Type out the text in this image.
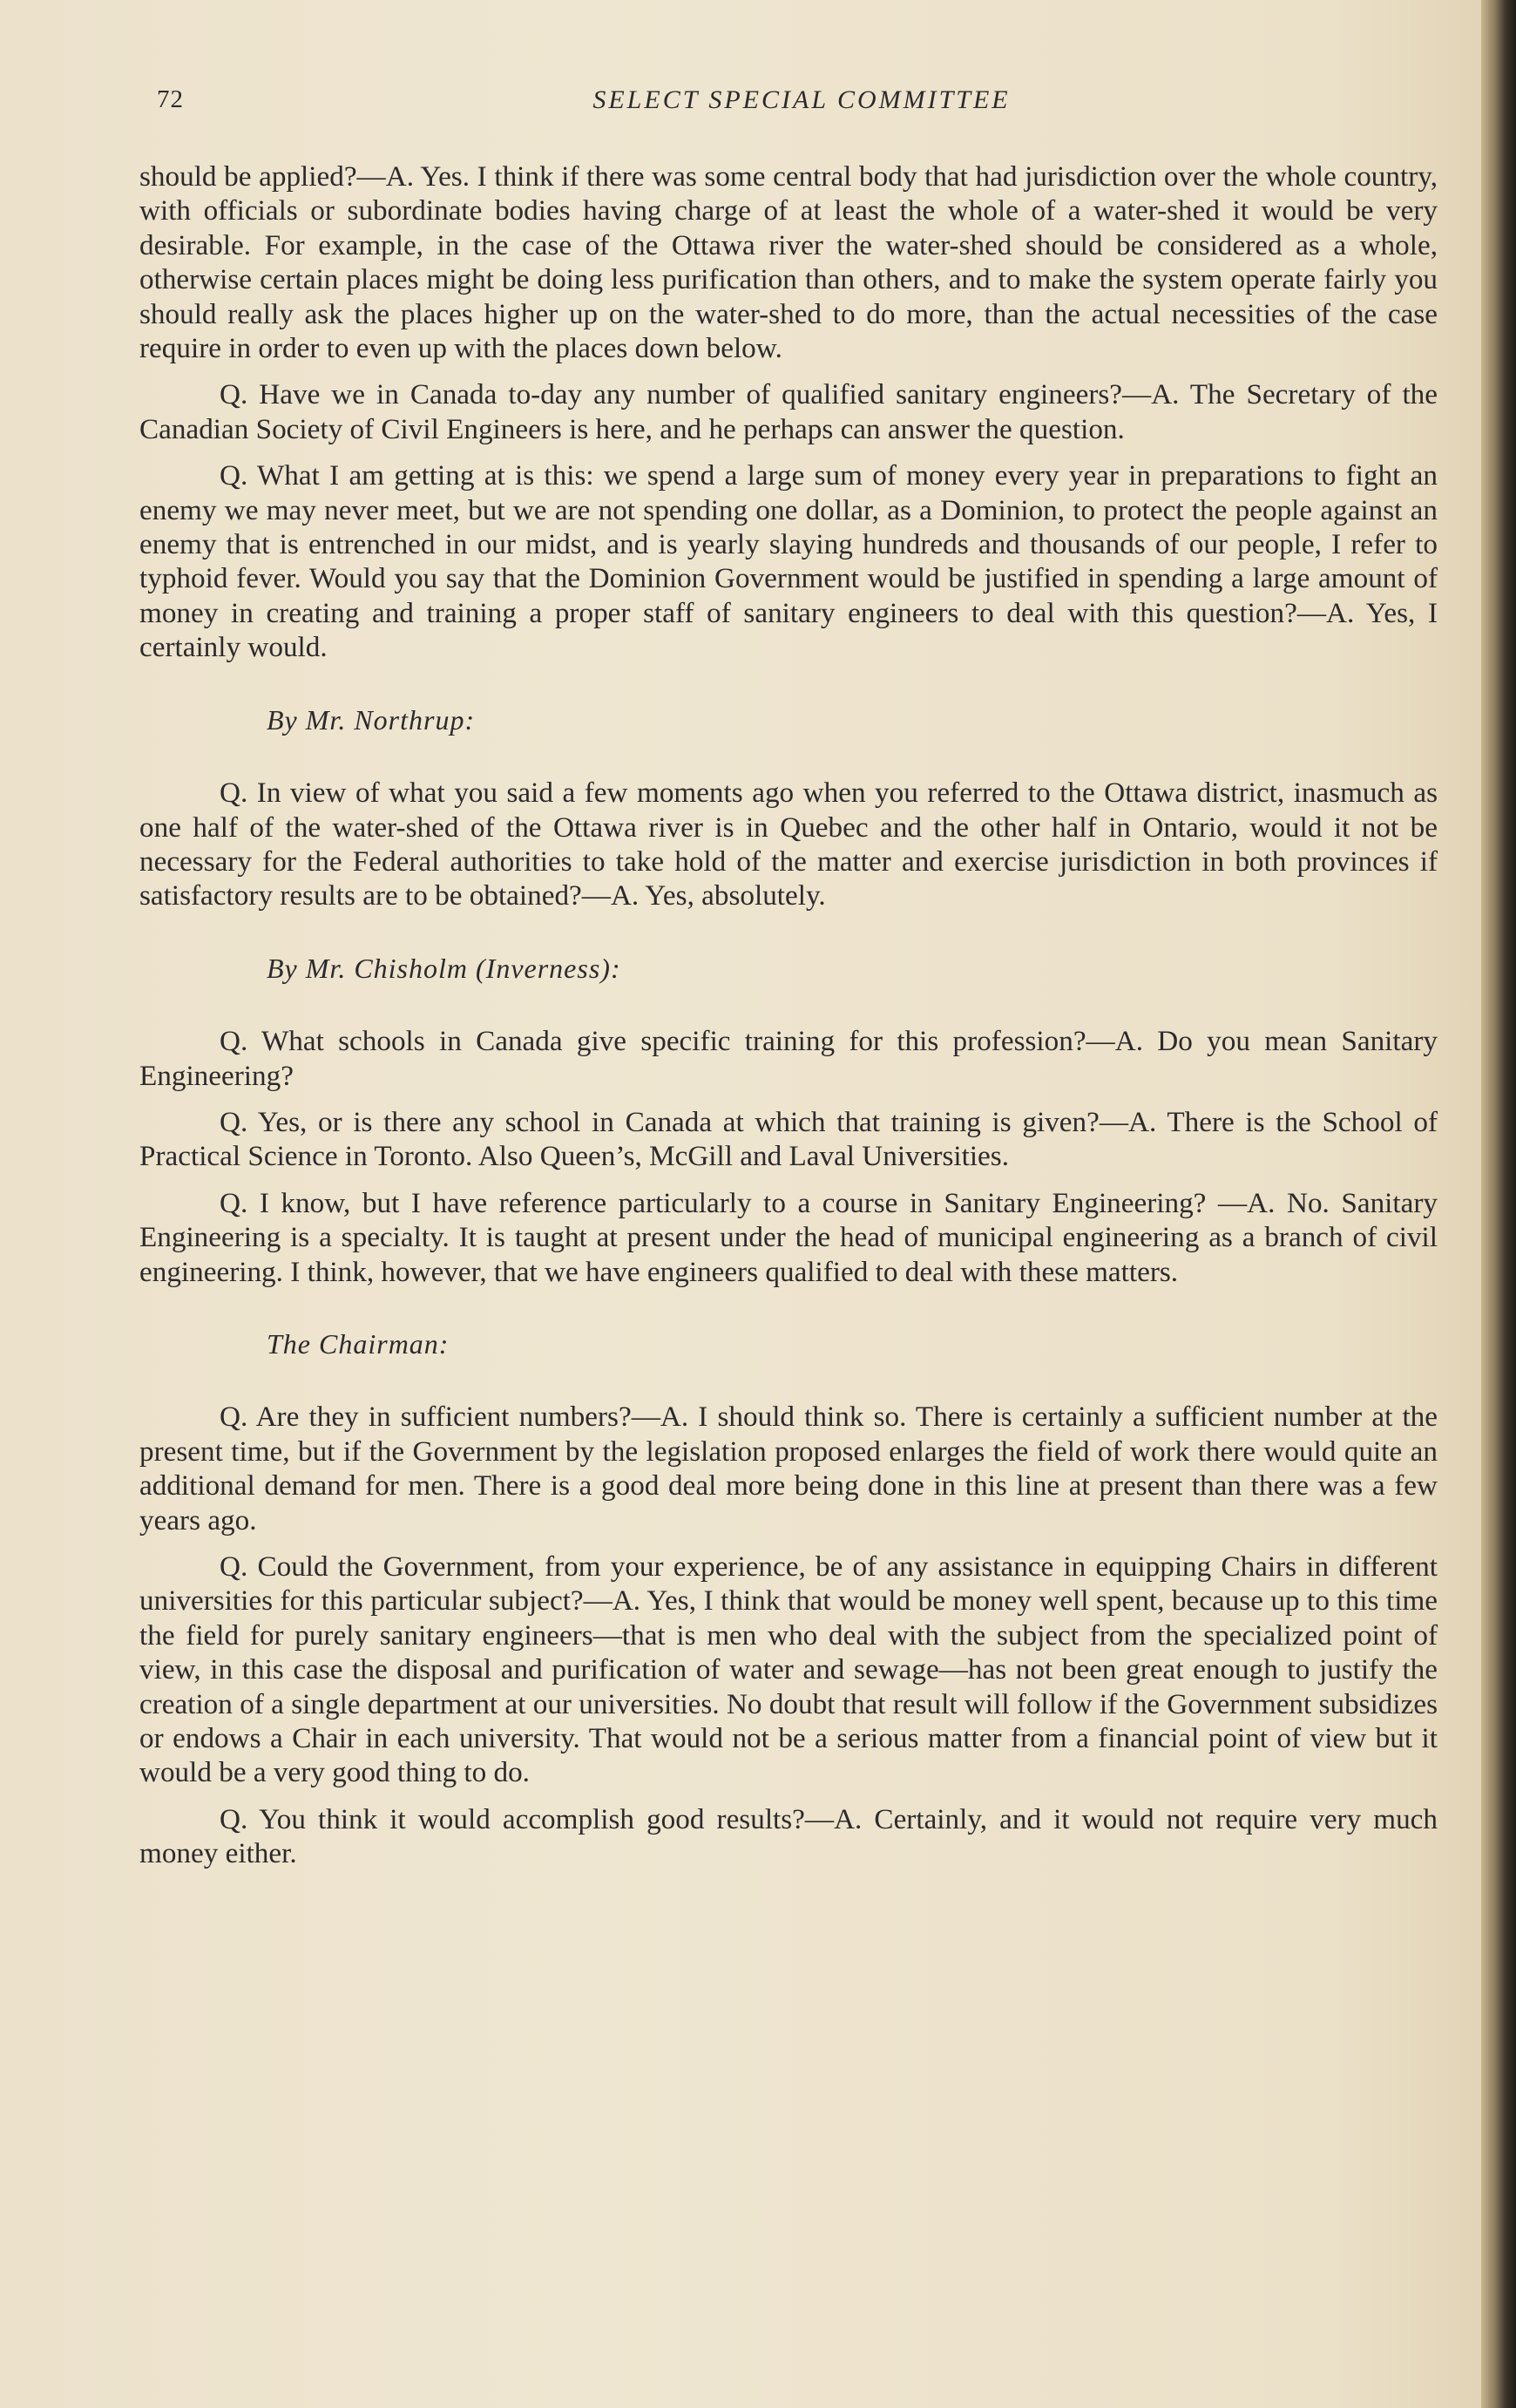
72	SELECT SPECIAL COMMITTEE

should be applied?—A. Yes. I think if there was some central body that had jurisdiction over the whole country, with officials or subordinate bodies having charge of at least the whole of a water-shed it would be very desirable. For example, in the case of the Ottawa river the water-shed should be considered as a whole, otherwise certain places might be doing less purification than others, and to make the system operate fairly you should really ask the places higher up on the water-shed to do more, than the actual necessities of the case require in order to even up with the places down below.

Q. Have we in Canada to-day any number of qualified sanitary engineers?—A. The Secretary of the Canadian Society of Civil Engineers is here, and he perhaps can answer the question.

Q. What I am getting at is this: we spend a large sum of money every year in preparations to fight an enemy we may never meet, but we are not spending one dollar, as a Dominion, to protect the people against an enemy that is entrenched in our midst, and is yearly slaying hundreds and thousands of our people, I refer to typhoid fever. Would you say that the Dominion Government would be justified in spending a large amount of money in creating and training a proper staff of sanitary engineers to deal with this question?—A. Yes, I certainly would.

By Mr. Northrup:

Q. In view of what you said a few moments ago when you referred to the Ottawa district, inasmuch as one half of the water-shed of the Ottawa river is in Quebec and the other half in Ontario, would it not be necessary for the Federal authorities to take hold of the matter and exercise jurisdiction in both provinces if satisfactory results are to be obtained?—A. Yes, absolutely.

By Mr. Chisholm (Inverness):

Q. What schools in Canada give specific training for this profession?—A. Do you mean Sanitary Engineering?

Q. Yes, or is there any school in Canada at which that training is given?—A. There is the School of Practical Science in Toronto. Also Queen’s, McGill and Laval Universities.

Q. I know, but I have reference particularly to a course in Sanitary Engineering? —A. No. Sanitary Engineering is a specialty. It is taught at present under the head of municipal engineering as a branch of civil engineering. I think, however, that we have engineers qualified to deal with these matters.

The Chairman:

Q. Are they in sufficient numbers?—A. I should think so. There is certainly a sufficient number at the present time, but if the Government by the legislation proposed enlarges the field of work there would quite an additional demand for men. There is a good deal more being done in this line at present than there was a few years ago.

Q. Could the Government, from your experience, be of any assistance in equipping Chairs in different universities for this particular subject?—A. Yes, I think that would be money well spent, because up to this time the field for purely sanitary engineers—that is men who deal with the subject from the specialized point of view, in this case the disposal and purification of water and sewage—has not been great enough to justify the creation of a single department at our universities. No doubt that result will follow if the Government subsidizes or endows a Chair in each university. That would not be a serious matter from a financial point of view but it would be a very good thing to do.

Q. You think it would accomplish good results?—A. Certainly, and it would not require very much money either.
